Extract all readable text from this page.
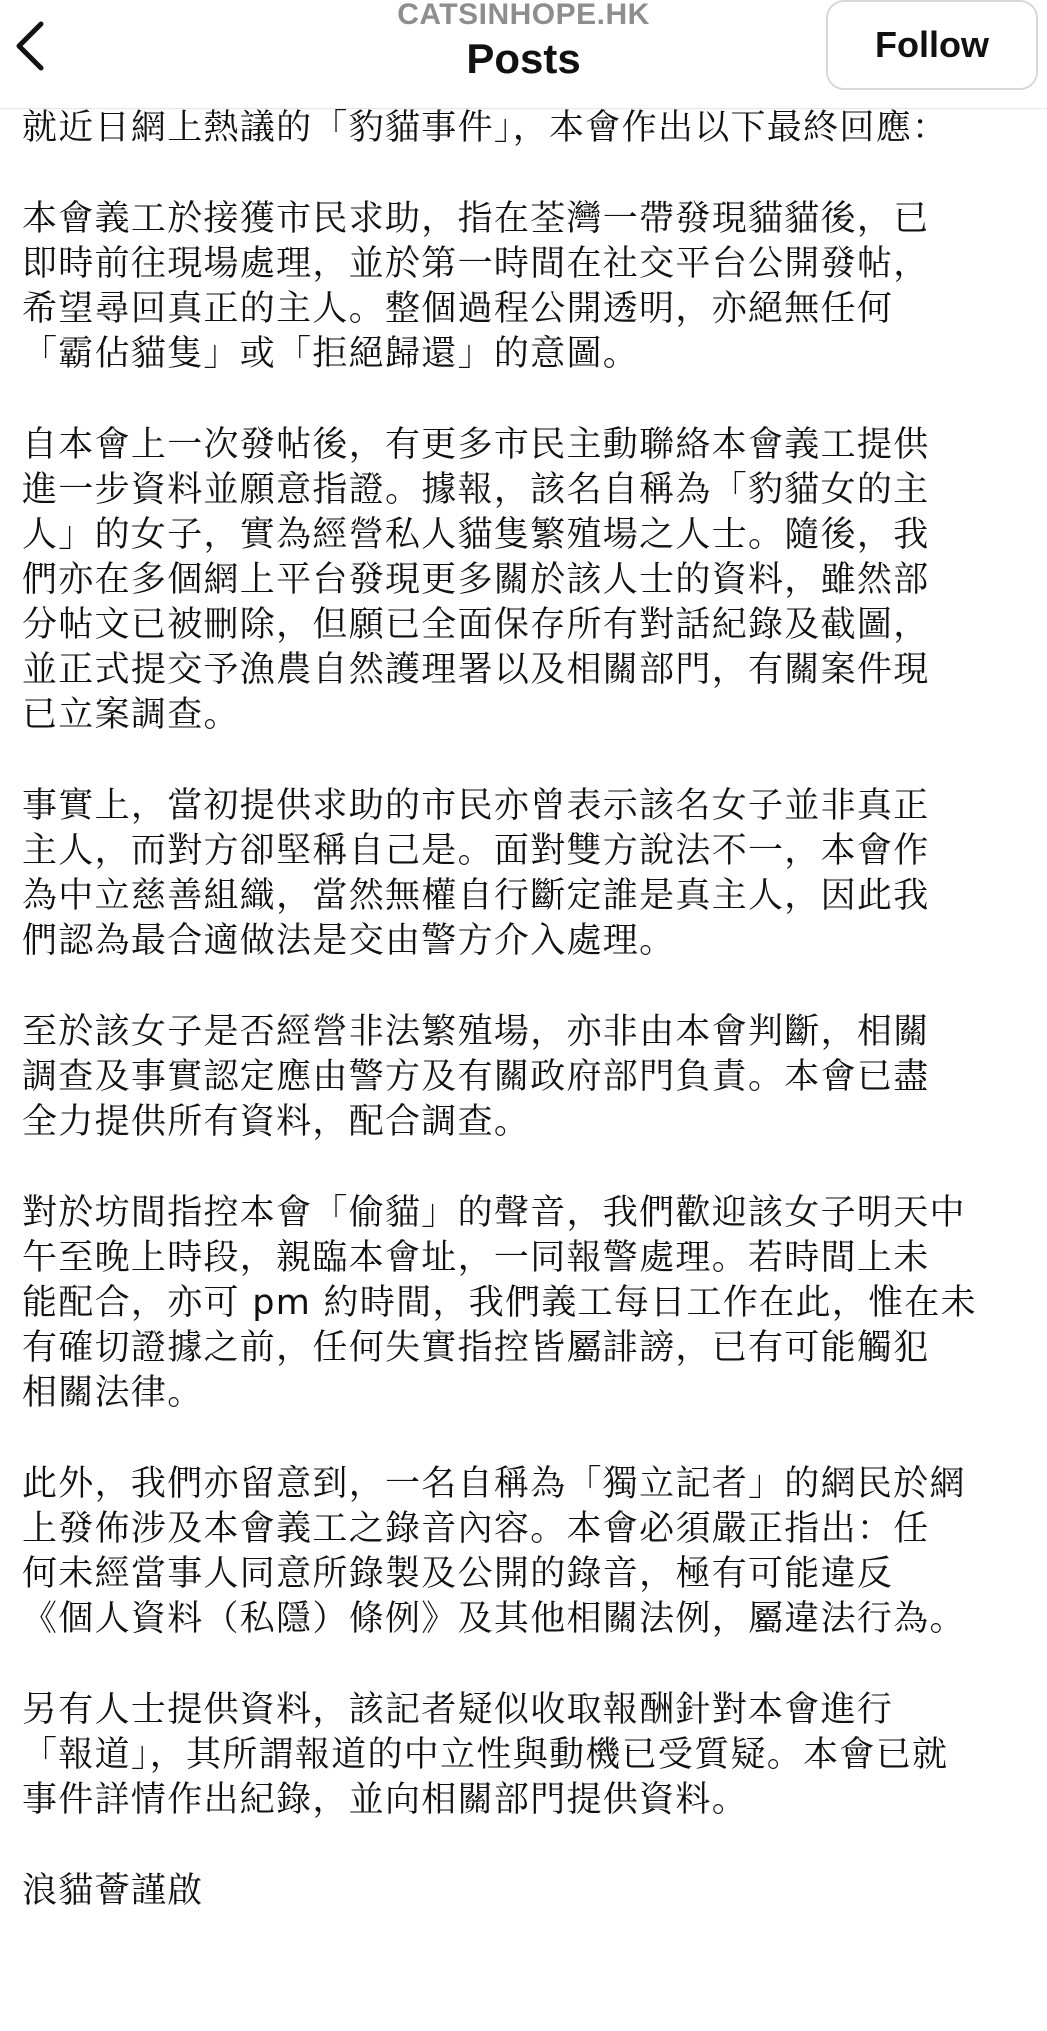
CATSINHOPE.HK
Posts	Follow

就近日網上熱議的「豹貓事件」，本會作出以下最終回應：

本會義工於接獲市民求助，指在荃灣一帶發現貓貓後，已
即時前往現場處理，並於第一時間在社交平台公開發帖，
希望尋回真正的主人。整個過程公開透明，亦絕無任何
「霸佔貓隻」或「拒絕歸還」的意圖。

自本會上一次發帖後，有更多市民主動聯絡本會義工提供
進一步資料並願意指證。據報，該名自稱為「豹貓女的主
人」的女子，實為經營私人貓隻繁殖場之人士。隨後，我
們亦在多個網上平台發現更多關於該人士的資料，雖然部
分帖文已被刪除，但願已全面保存所有對話紀錄及截圖，
並正式提交予漁農自然護理署以及相關部門，有關案件現
已立案調查。

事實上，當初提供求助的市民亦曾表示該名女子並非真正
主人，而對方卻堅稱自己是。面對雙方說法不一，本會作
為中立慈善組織，當然無權自行斷定誰是真主人，因此我
們認為最合適做法是交由警方介入處理。

至於該女子是否經營非法繁殖場，亦非由本會判斷，相關
調查及事實認定應由警方及有關政府部門負責。本會已盡
全力提供所有資料，配合調查。

對於坊間指控本會「偷貓」的聲音，我們歡迎該女子明天中
午至晚上時段，親臨本會址，一同報警處理。若時間上未
能配合，亦可 pm 約時間，我們義工每日工作在此，惟在未
有確切證據之前，任何失實指控皆屬誹謗，已有可能觸犯
相關法律。

此外，我們亦留意到，一名自稱為「獨立記者」的網民於網
上發佈涉及本會義工之錄音內容。本會必須嚴正指出：任
何未經當事人同意所錄製及公開的錄音，極有可能違反
《個人資料（私隱）條例》及其他相關法例，屬違法行為。

另有人士提供資料，該記者疑似收取報酬針對本會進行
「報道」，其所謂報道的中立性與動機已受質疑。本會已就
事件詳情作出紀錄，並向相關部門提供資料。

浪貓薈謹啟
